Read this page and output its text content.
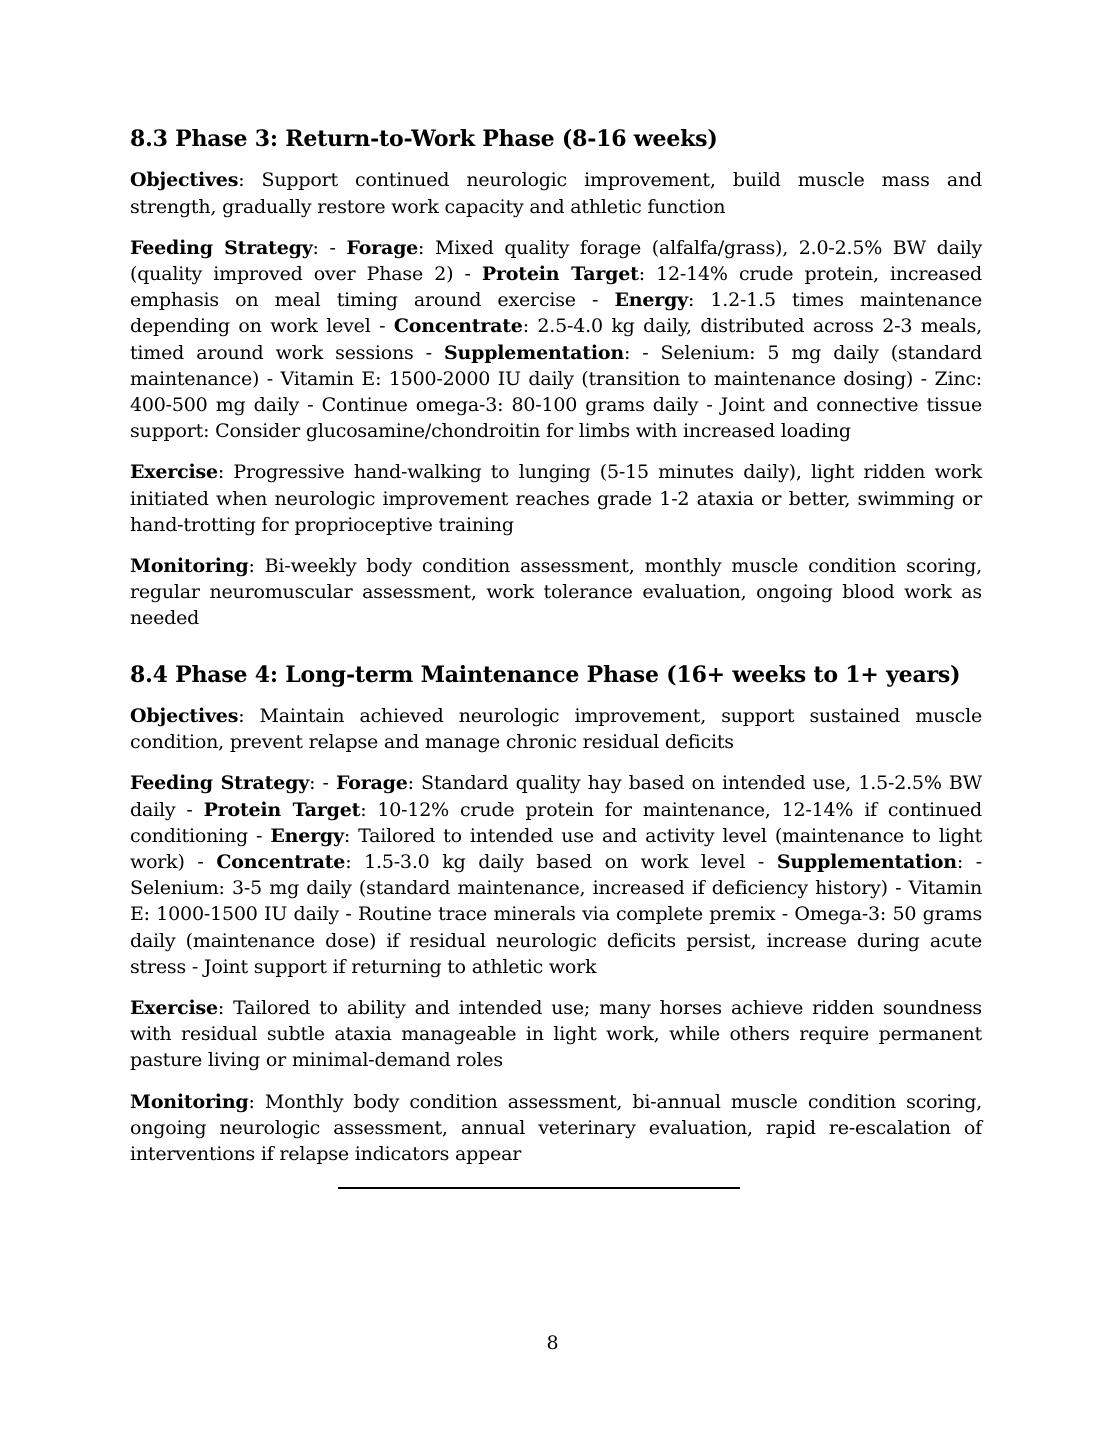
8.3 Phase 3: Return-to-Work Phase (8-16 weeks)

Objectives: Support continued neurologic improvement, build muscle mass and strength, gradually restore work capacity and athletic function

Feeding Strategy: - Forage: Mixed quality forage (alfalfa/grass), 2.0-2.5% BW daily (quality improved over Phase 2) - Protein Target: 12-14% crude protein, increased emphasis on meal timing around exercise - Energy: 1.2-1.5 times maintenance depending on work level - Concentrate: 2.5-4.0 kg daily, distributed across 2-3 meals, timed around work sessions - Supplementation: - Selenium: 5 mg daily (standard maintenance) - Vitamin E: 1500-2000 IU daily (transition to maintenance dosing) - Zinc: 400-500 mg daily - Continue omega-3: 80-100 grams daily - Joint and connective tissue support: Consider glucosamine/chondroitin for limbs with increased loading

Exercise: Progressive hand-walking to lunging (5-15 minutes daily), light ridden work initiated when neurologic improvement reaches grade 1-2 ataxia or better, swimming or hand-trotting for proprioceptive training

Monitoring: Bi-weekly body condition assessment, monthly muscle condition scoring, regular neuromuscular assessment, work tolerance evaluation, ongoing blood work as needed

8.4 Phase 4: Long-term Maintenance Phase (16+ weeks to 1+ years)

Objectives: Maintain achieved neurologic improvement, support sustained muscle condition, prevent relapse and manage chronic residual deficits

Feeding Strategy: - Forage: Standard quality hay based on intended use, 1.5-2.5% BW daily - Protein Target: 10-12% crude protein for maintenance, 12-14% if continued conditioning - Energy: Tailored to intended use and activity level (maintenance to light work) - Concentrate: 1.5-3.0 kg daily based on work level - Supplementation: - Selenium: 3-5 mg daily (standard maintenance, increased if deficiency history) - Vitamin E: 1000-1500 IU daily - Routine trace minerals via complete premix - Omega-3: 50 grams daily (maintenance dose) if residual neurologic deficits persist, increase during acute stress - Joint support if returning to athletic work

Exercise: Tailored to ability and intended use; many horses achieve ridden soundness with residual subtle ataxia manageable in light work, while others require permanent pasture living or minimal-demand roles

Monitoring: Monthly body condition assessment, bi-annual muscle condition scoring, ongoing neurologic assessment, annual veterinary evaluation, rapid re-escalation of interventions if relapse indicators appear

8
